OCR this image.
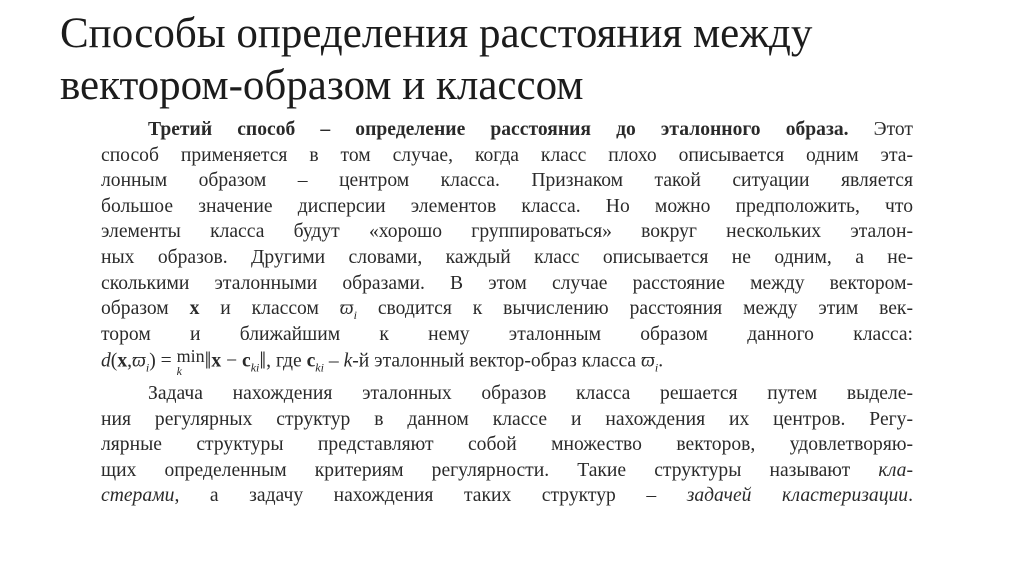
Способы определения расстояния между
вектором-образом и классом
Третий способ – определение расстояния до эталонного образа. Этот
способ применяется в том случае, когда класс плохо описывается одним эта-
лонным образом – центром класса. Признаком такой ситуации является
большое значение дисперсии элементов класса. Но можно предположить, что
элементы класса будут «хорошо группироваться» вокруг нескольких эталон-
ных образов. Другими словами, каждый класс описывается не одним, а не-
сколькими эталонными образами. В этом случае расстояние между вектором-
образом x и классом $ϖ_i$ сводится к вычислению расстояния между этим век-
тором и ближайшим к нему эталонным образом данного класса:
$d(x,ϖ_i) = \min$
k ‖x − $c_{ki}‖$, где $c_{ki} - k-й$ эталонный вектор-образ класса $ϖ_i$.
Задача нахождения эталонных образов класса решается путем выделе-
ния регулярных структур в данном классе и нахождения их центров. Регу-
лярные структуры представляют собой множество векторов, удовлетворяю-
щих определенным критериям регулярности. Такие структуры называют кла-
стерами, а задачу нахождения таких структур – задачей кластеризации.
